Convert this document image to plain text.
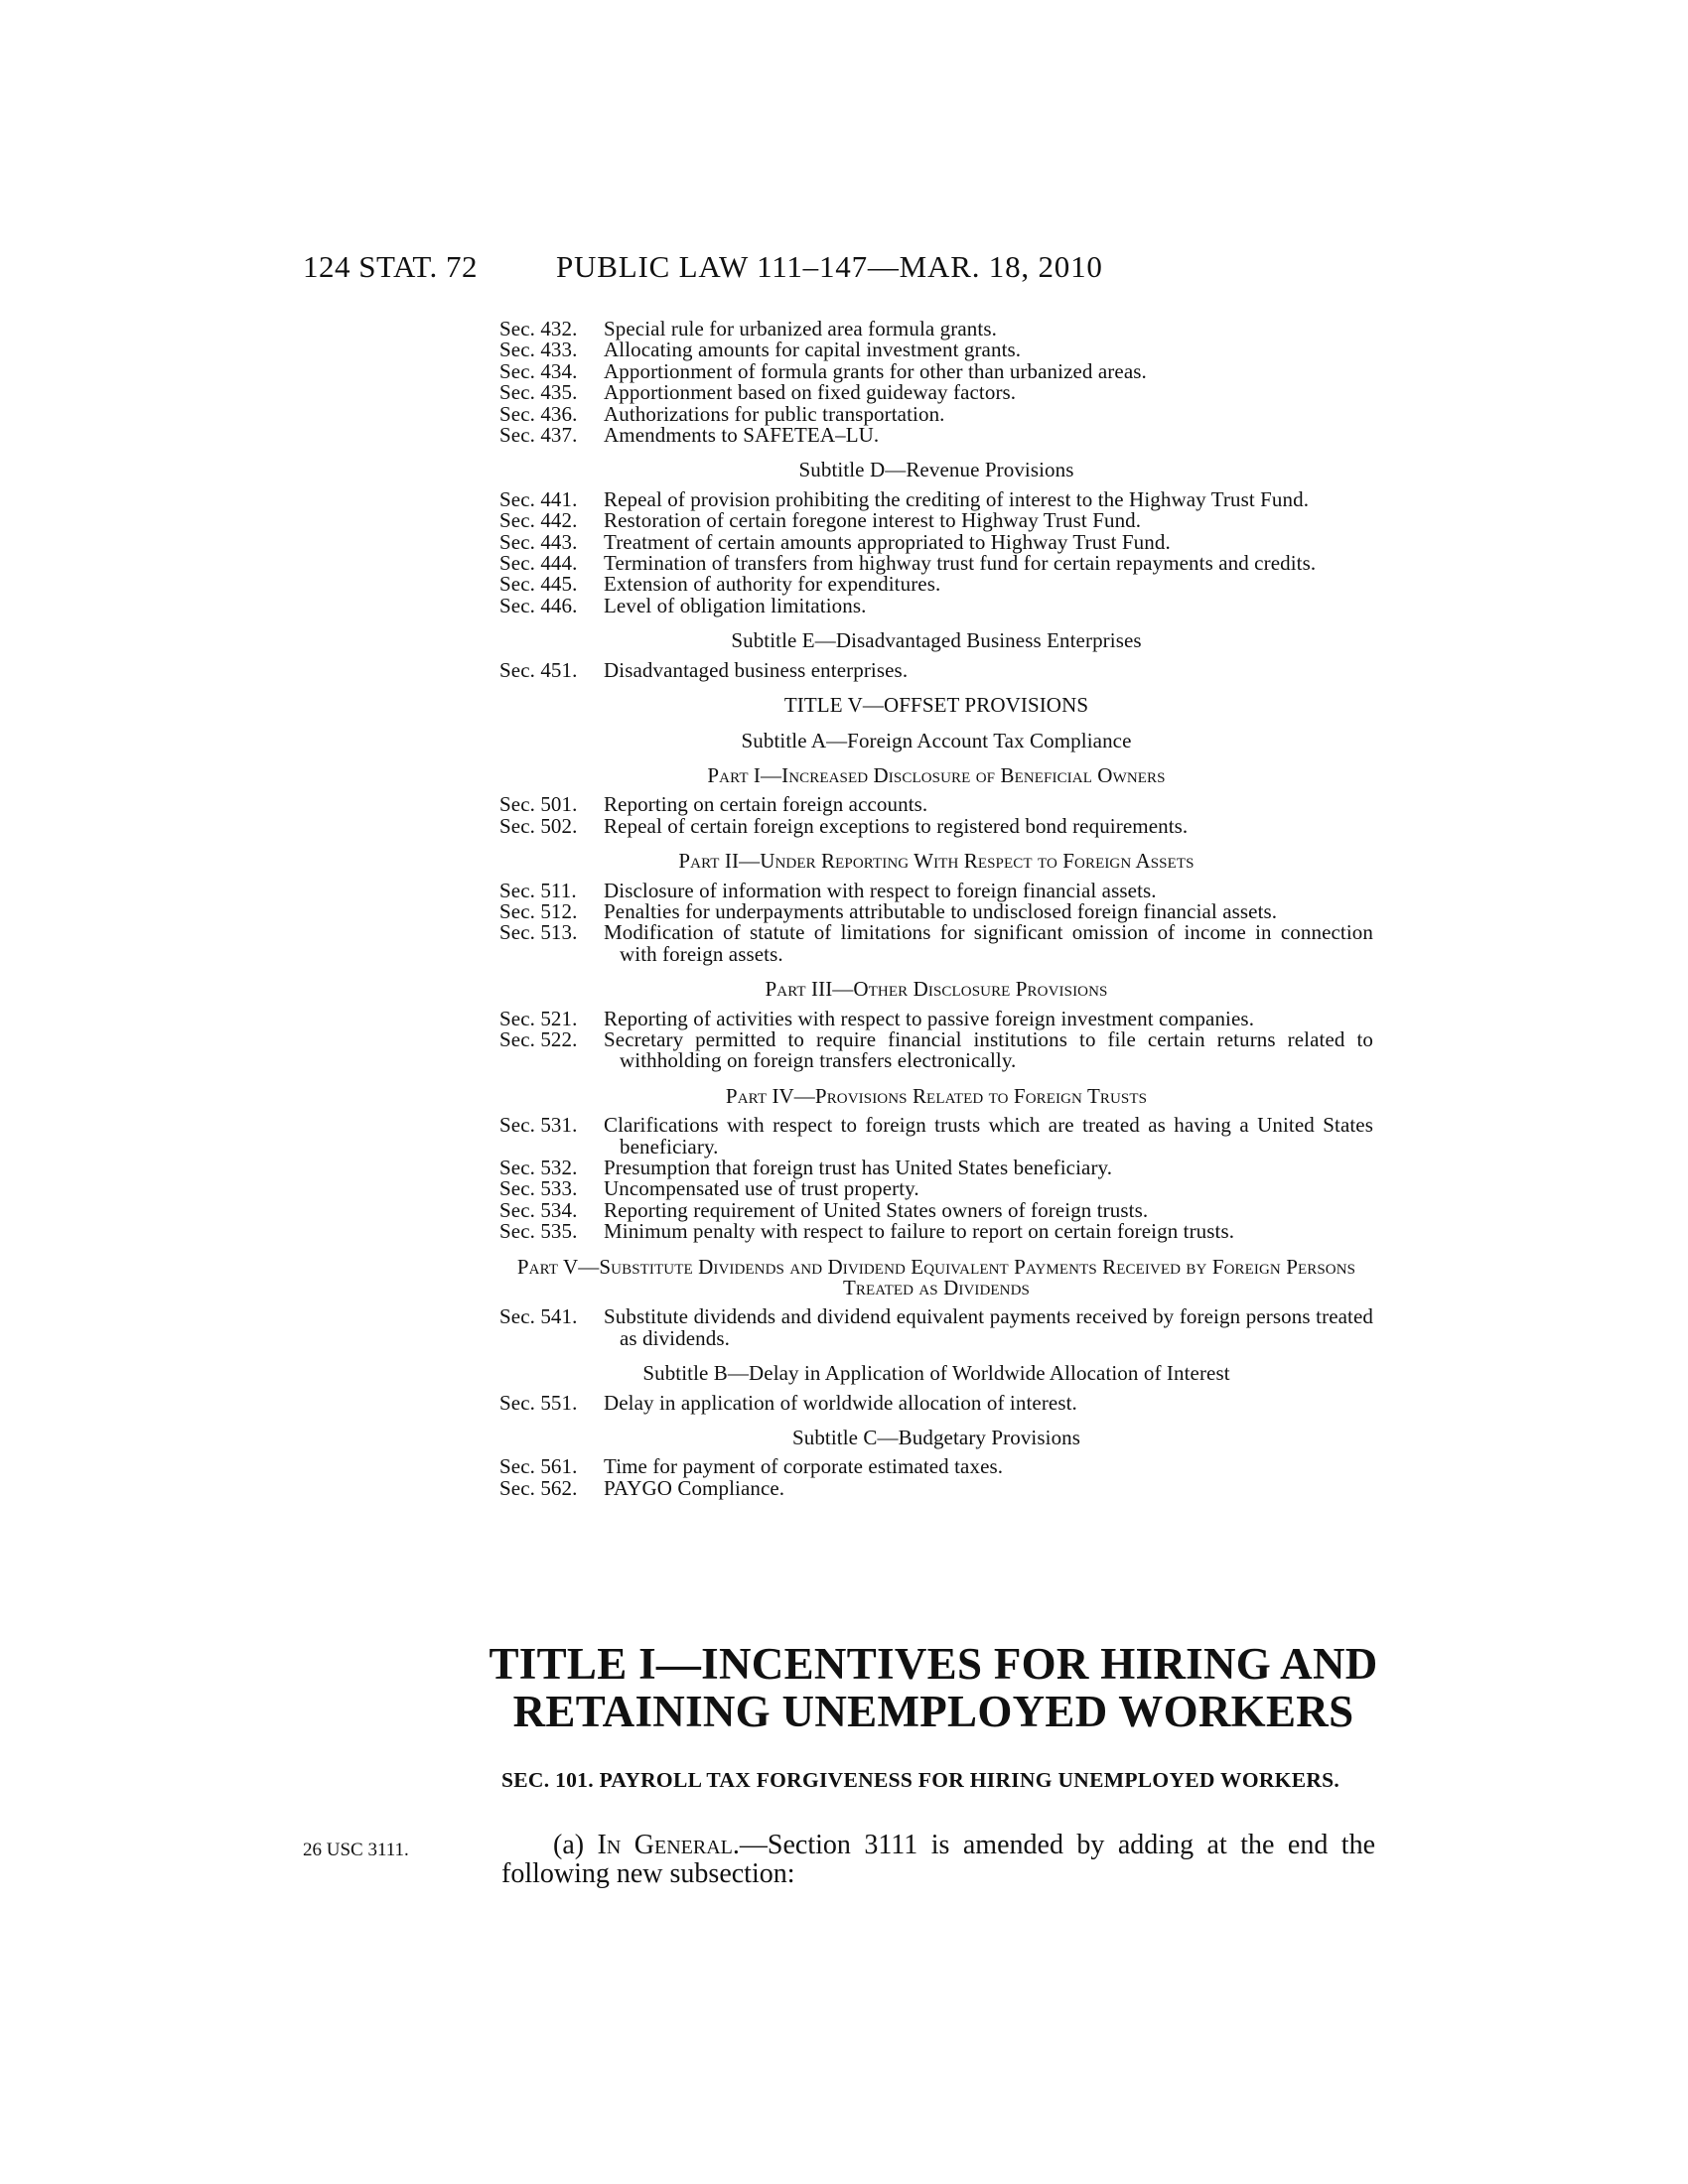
124 STAT. 72	PUBLIC LAW 111–147—MAR. 18, 2010
Sec. 432.	Special rule for urbanized area formula grants.
Sec. 433.	Allocating amounts for capital investment grants.
Sec. 434.	Apportionment of formula grants for other than urbanized areas.
Sec. 435.	Apportionment based on fixed guideway factors.
Sec. 436.	Authorizations for public transportation.
Sec. 437.	Amendments to SAFETEA–LU.
Subtitle D—Revenue Provisions
Sec. 441.	Repeal of provision prohibiting the crediting of interest to the Highway Trust Fund.
Sec. 442.	Restoration of certain foregone interest to Highway Trust Fund.
Sec. 443.	Treatment of certain amounts appropriated to Highway Trust Fund.
Sec. 444.	Termination of transfers from highway trust fund for certain repayments and credits.
Sec. 445.	Extension of authority for expenditures.
Sec. 446.	Level of obligation limitations.
Subtitle E—Disadvantaged Business Enterprises
Sec. 451.	Disadvantaged business enterprises.
TITLE V—OFFSET PROVISIONS
Subtitle A—Foreign Account Tax Compliance
Part I—Increased Disclosure of Beneficial Owners
Sec. 501.	Reporting on certain foreign accounts.
Sec. 502.	Repeal of certain foreign exceptions to registered bond requirements.
Part II—Under Reporting With Respect to Foreign Assets
Sec. 511.	Disclosure of information with respect to foreign financial assets.
Sec. 512.	Penalties for underpayments attributable to undisclosed foreign financial assets.
Sec. 513.	Modification of statute of limitations for significant omission of income in connection with foreign assets.
Part III—Other Disclosure Provisions
Sec. 521.	Reporting of activities with respect to passive foreign investment companies.
Sec. 522.	Secretary permitted to require financial institutions to file certain returns related to withholding on foreign transfers electronically.
Part IV—Provisions Related to Foreign Trusts
Sec. 531.	Clarifications with respect to foreign trusts which are treated as having a United States beneficiary.
Sec. 532.	Presumption that foreign trust has United States beneficiary.
Sec. 533.	Uncompensated use of trust property.
Sec. 534.	Reporting requirement of United States owners of foreign trusts.
Sec. 535.	Minimum penalty with respect to failure to report on certain foreign trusts.
Part V—Substitute Dividends and Dividend Equivalent Payments Received by Foreign Persons Treated as Dividends
Sec. 541.	Substitute dividends and dividend equivalent payments received by foreign persons treated as dividends.
Subtitle B—Delay in Application of Worldwide Allocation of Interest
Sec. 551.	Delay in application of worldwide allocation of interest.
Subtitle C—Budgetary Provisions
Sec. 561.	Time for payment of corporate estimated taxes.
Sec. 562.	PAYGO Compliance.
TITLE I—INCENTIVES FOR HIRING AND RETAINING UNEMPLOYED WORKERS
SEC. 101. PAYROLL TAX FORGIVENESS FOR HIRING UNEMPLOYED WORKERS.
26 USC 3111.	(a) In General.—Section 3111 is amended by adding at the end the following new subsection:
